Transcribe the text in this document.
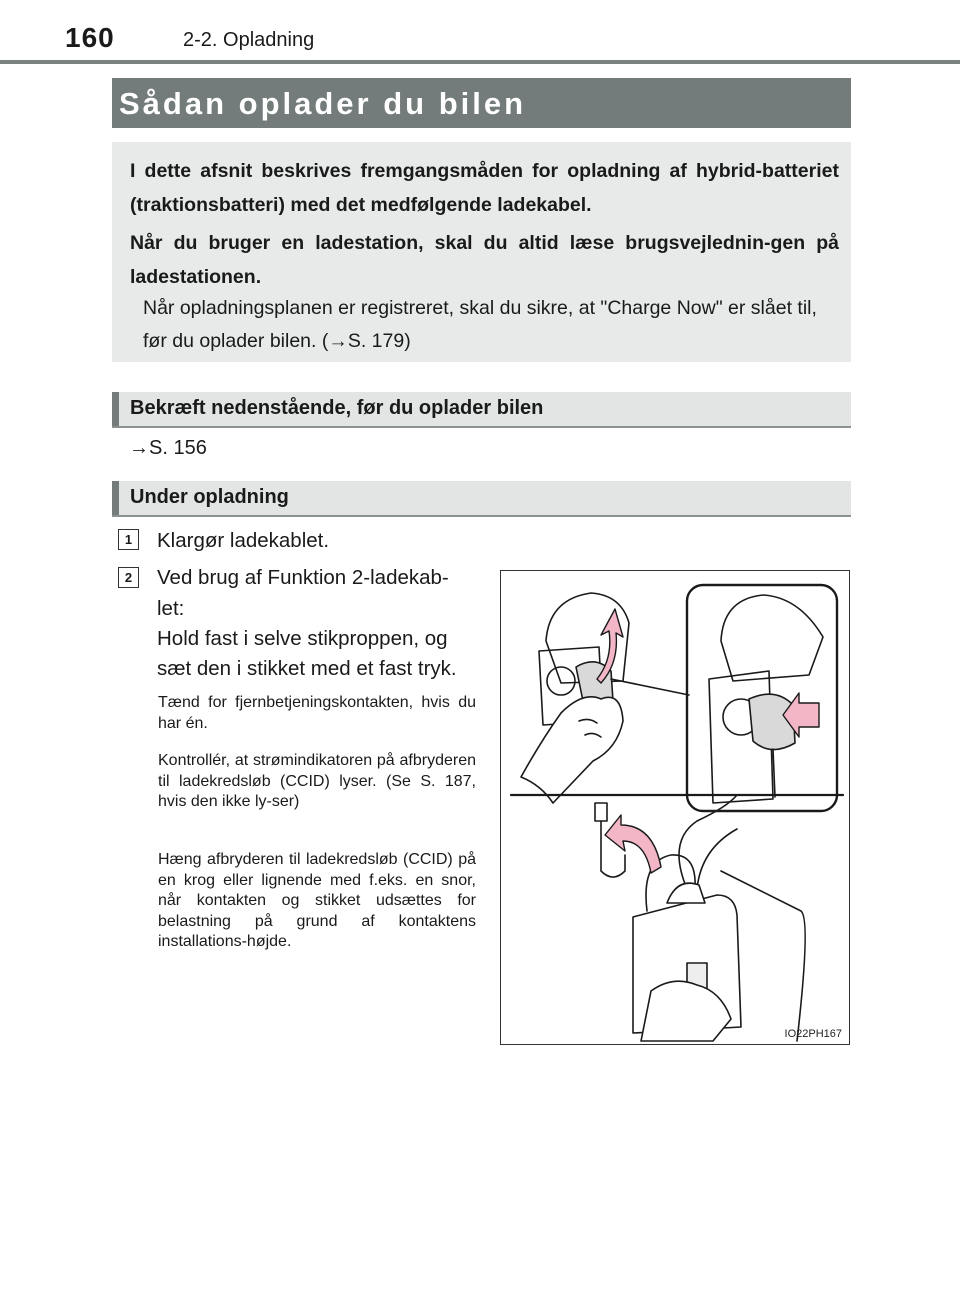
160	2-2. Opladning
Sådan oplader du bilen
I dette afsnit beskrives fremgangsmåden for opladning af hybrid-batteriet (traktionsbatteri) med det medfølgende ladekabel.
Når du bruger en ladestation, skal du altid læse brugsvejlednin-gen på ladestationen.
Når opladningsplanen er registreret, skal du sikre, at "Charge Now" er slået til, før du oplader bilen. (→S. 179)
Bekræft nedenstående, før du oplader bilen
→S. 156
Under opladning
1	Klargør ladekablet.
2	Ved brug af Funktion 2-ladekab-
let:
Hold fast i selve stikproppen, og
sæt den i stikket med et fast tryk.
Tænd for fjernbetjeningskontakten, hvis du har én.
Kontrollér, at strømindikatoren på afbryderen til ladekredsløb (CCID) lyser. (Se S. 187, hvis den ikke ly-ser)
Hæng afbryderen til ladekredsløb (CCID) på en krog eller lignende med f.eks. en snor, når kontakten og stikket udsættes for belastning på grund af kontaktens installations-højde.
IO22PH167
